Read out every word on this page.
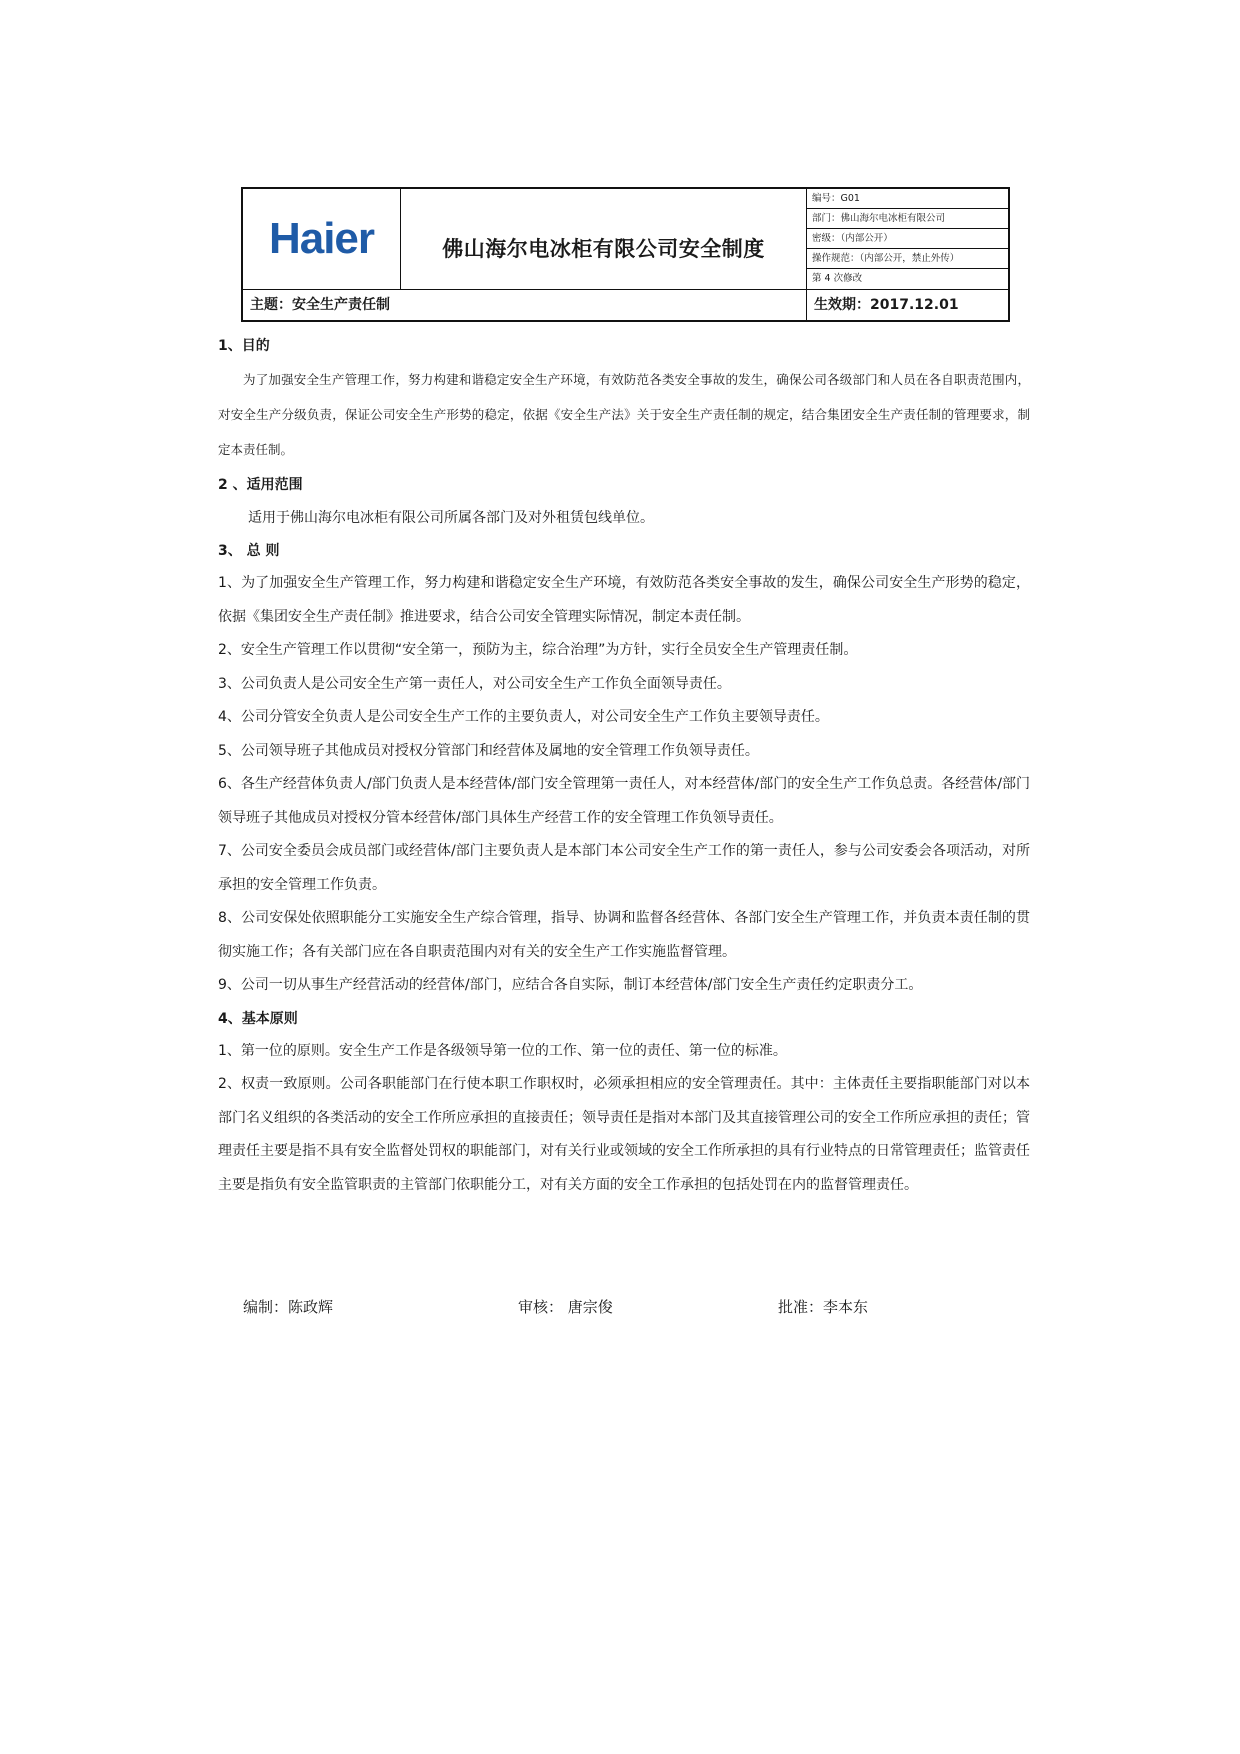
Haier	佛山海尔电冰柜有限公司安全制度
编号：G01
部门：佛山海尔电冰柜有限公司
密级：（内部公开）
操作规范：（内部公开，禁止外传）
第 4 次修改
主题：安全生产责任制	生效期：2017.12.01

1、目的

为了加强安全生产管理工作，努力构建和谐稳定安全生产环境，有效防范各类安全事故的发生，确保公司各级部门和人员在各自职责范围内，对安全生产分级负责，保证公司安全生产形势的稳定，依据《安全生产法》关于安全生产责任制的规定，结合集团安全生产责任制的管理要求，制定本责任制。

2 、适用范围

适用于佛山海尔电冰柜有限公司所属各部门及对外租赁包线单位。

3、 总 则

1、为了加强安全生产管理工作，努力构建和谐稳定安全生产环境，有效防范各类安全事故的发生，确保公司安全生产形势的稳定，依据《集团安全生产责任制》推进要求，结合公司安全管理实际情况，制定本责任制。

2、安全生产管理工作以贯彻“安全第一，预防为主，综合治理”为方针，实行全员安全生产管理责任制。

3、公司负责人是公司安全生产第一责任人，对公司安全生产工作负全面领导责任。

4、公司分管安全负责人是公司安全生产工作的主要负责人，对公司安全生产工作负主要领导责任。

5、公司领导班子其他成员对授权分管部门和经营体及属地的安全管理工作负领导责任。

6、各生产经营体负责人/部门负责人是本经营体/部门安全管理第一责任人，对本经营体/部门的安全生产工作负总责。各经营体/部门领导班子其他成员对授权分管本经营体/部门具体生产经营工作的安全管理工作负领导责任。

7、公司安全委员会成员部门或经营体/部门主要负责人是本部门本公司安全生产工作的第一责任人，参与公司安委会各项活动，对所承担的安全管理工作负责。

8、公司安保处依照职能分工实施安全生产综合管理，指导、协调和监督各经营体、各部门安全生产管理工作，并负责本责任制的贯彻实施工作；各有关部门应在各自职责范围内对有关的安全生产工作实施监督管理。

9、公司一切从事生产经营活动的经营体/部门，应结合各自实际，制订本经营体/部门安全生产责任约定职责分工。

4、基本原则

1、第一位的原则。安全生产工作是各级领导第一位的工作、第一位的责任、第一位的标准。

2、权责一致原则。公司各职能部门在行使本职工作职权时，必须承担相应的安全管理责任。其中：主体责任主要指职能部门对以本部门名义组织的各类活动的安全工作所应承担的直接责任；领导责任是指对本部门及其直接管理公司的安全工作所应承担的责任；管理责任主要是指不具有安全监督处罚权的职能部门，对有关行业或领域的安全工作所承担的具有行业特点的日常管理责任；监管责任主要是指负有安全监管职责的主管部门依职能分工，对有关方面的安全工作承担的包括处罚在内的监督管理责任。

编制：陈政辉	审核： 唐宗俊	批准：李本东
